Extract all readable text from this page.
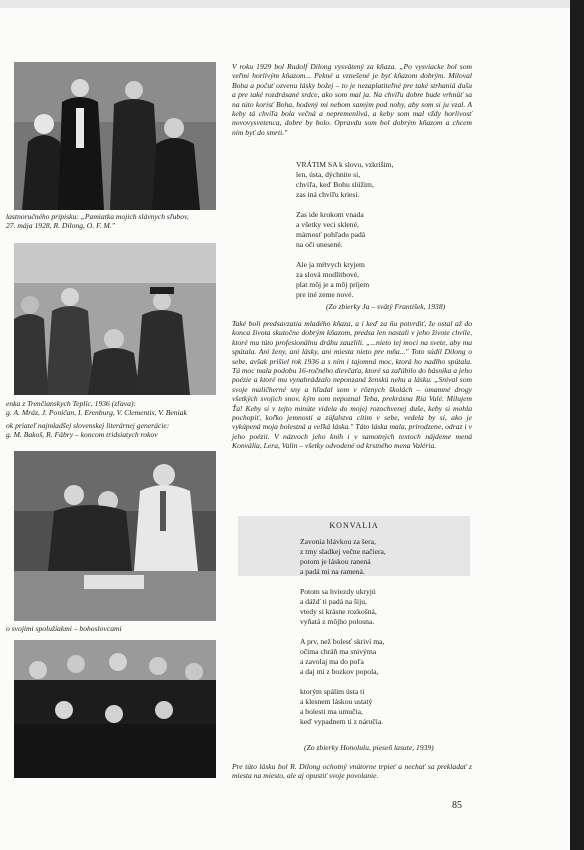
lastnoručného prípisku: „Pamiatka mojich slávnych sľubov,
27. mája 1928, R. Dilong, O. F. M."
enka z Trenčianskych Teplíc, 1936 (zľava):
g. A. Mráz, J. Poničan, I. Erenburg, V. Clementis, V. Beniak
ok priateľ najmladšej slovenskej literárnej generácie:
g. M. Bakoš, R. Fábry – koncom tridsiatych rokov
o svojimi spolužiakmi – bohoslovcami
V roku 1929 bol Rudolf Dilong vysvätený za kňaza. „Po vysviacke bol som veľmi horlivým kňazom... Pekné a vznešené je byť kňazom dobrým. Miloval Boha a počuť ozvenu lásky božej – to je nezaplatiteľné pre také strhaniá dušu a pre také rozdrásané srdce, ako som mal ja. Na chvíľu dobre bude vrhnúť sa na túto korisť Boha, hodený mi nebom samým pod nohy, aby som si ju vzal. A keby tá chvíľa bola večná a nepremenlivá, a keby som mal vždy horlivosť novovysvetenca, dobre by bolo. Opravdu som bol dobrým kňazom a chcem ním byť do smrti."
VRÁTIM SA k slovu, vzkríšim,
len, ústa, dýchnite si,
chvíľa, keď Bohu slúžim,
zas iná chvíľu kriesi.

Zas ide krokom vnada
a všetky veci sklené,
márnosť pohľadu padá
na oči unesené.

Ale ja mŕtvych kryjem
za slová modlitbové,
plat môj je a môj príjem
pre iné zeme nové.
(Zo zbierky Ja – svätý František, 1938)
Také boli predsavzatia mladého kňaza, a i keď za ňu potvrdiť, že ostal až do konca života skutočne dobrým kňazom, predsa len nastali v jeho živote chvíle, ktoré mu túto profesionálnu dráhu zauzlili. „...nieto tej moci na svete, aby ma spútala. Ani ženy, ani lásky, ani miesta nieto pre mňa..." Toto súdil Dilong o sebe, avšak prišiel rok 1936 a s ním i tajomná moc, ktorá ho nadlho spútala. Tá moc mala podobu 16-ročného dievčaťa, ktoré sa zaľúbilo do básnika a jeho poézie a ktoré mu vynahrádzalo neponzaná ženskú nehu a lásku. „Snival som svoje maličherné sny a hľadal som v rôznych školách – omamné drogy všetkých svojich snov, kým som nepoznal Teba, prekrásna Ria Valé. Milujem Ťa! Keby si v tejto minúte videla do mojej rozochvenej duše, keby si mohla pochopiť, koľko jemnosti a zúfalstva cítim v sebe, vedela by si, ako je vykúpená moja bolestná a veľká láska." Táto láska mala, prirodzene, odraz i v jeho poézii. V názvoch jeho kníh i v samotných textoch nájdeme mená Konvália, Lera, Valin – všetky odvodené od krstného mena Valéria.
KONVALIA
Zavonia hlávkou za šera,
z tmy sladkej večne načiera,
potom je láskou ranená
a padá mi na ramená.

Potom sa hviezdy ukryjú
a dážď ti padá na šiju,
vtedy si krásne rozkošná,
vyňatá z môjho polosna.

A prv, než bolesť skriví ma,
očima chráň ma snivýma
a zavolaj ma do poľa
a daj mi z bozkov popola,

ktorým spálim ústa ti
a klesnem láskou ustatý
a bolesti ma umučia,
keď vypadnem ti z náručia.
(Zo zbierky Honolulu, pieseň lasute, 1939)
Pre túto lásku bol R. Dilong ochotný vnútorne trpieť a nechať sa prekladať z miesta na miesto, ale aj opustiť svoje povolanie.
85
